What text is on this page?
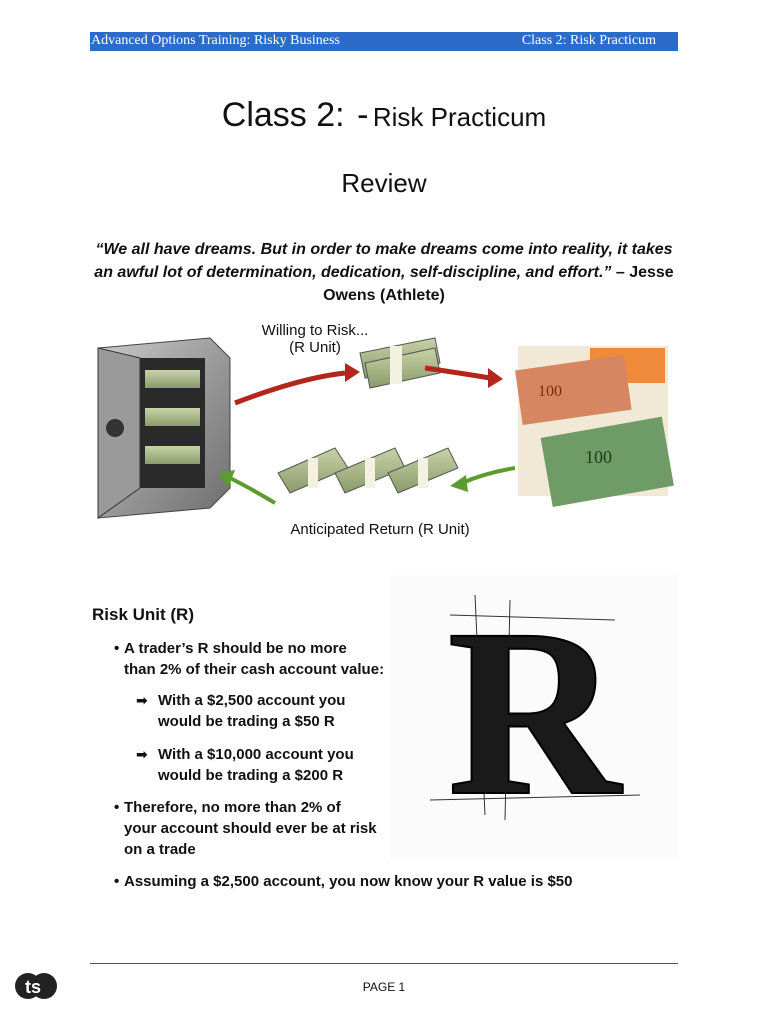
Advanced Options Training: Risky Business	Class 2: Risk Practicum
Class 2: - Risk Practicum
Review
“We all have dreams. But in order to make dreams come into reality, it takes an awful lot of determination, dedication, self-discipline, and effort.” – Jesse Owens (Athlete)
100
100
Willing to Risk...
(R Unit)
Anticipated Return (R Unit)
Risk Unit (R)
• A trader’s R should be no more
than 2% of their cash account value:
➡ With a $2,500 account you
would be trading a $50 R
➡ With a $10,000 account you
would be trading a $200 R
• Therefore, no more than 2% of
your account should ever be at risk
on a trade
• Assuming a $2,500 account, you now know your R value is $50
R
PAGE 1
ts
